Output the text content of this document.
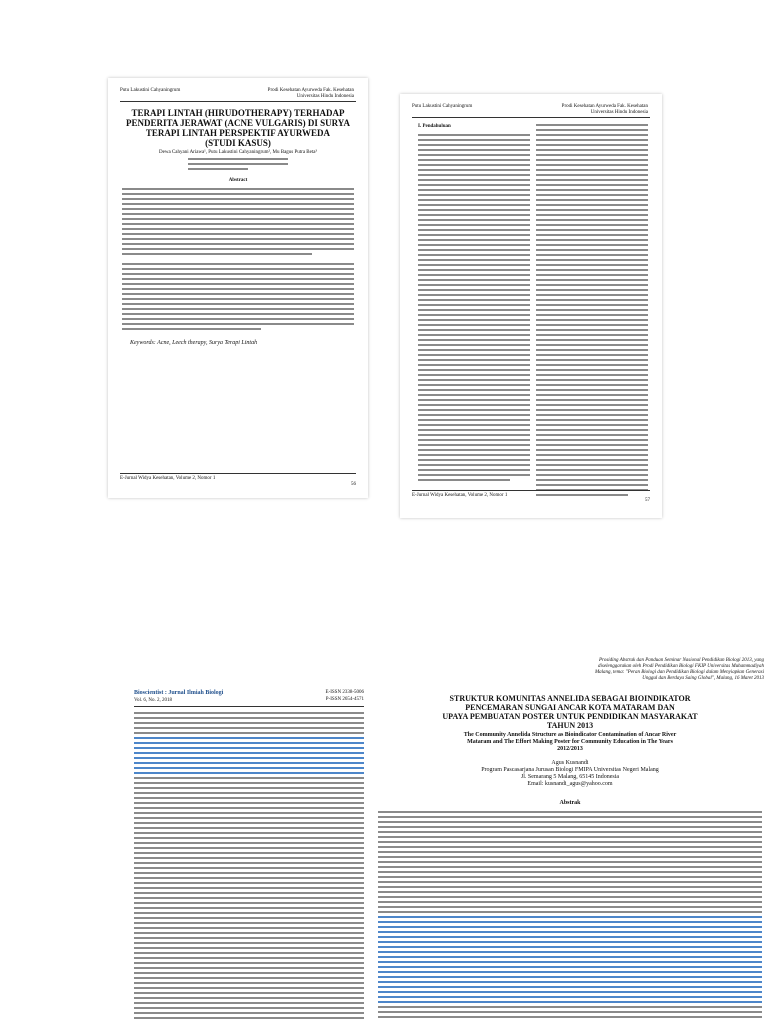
Putu Lakustini Cahyaningrum	Prodi Kesehatan Ayurweda Fak. Kesehatan
Universitas Hindu Indonesia
TERAPI LINTAH (HIRUDOTHERAPY) TERHADAP
PENDERITA JERAWAT (ACNE VULGARIS) DI SURYA
TERAPI LINTAH PERSPEKTIF AYURWEDA
(STUDI KASUS)
Dewa Cahyani Ariawa¹, Putu Lakustini Cahyaningrum², Mu Bagus Putra Beta³
Abstract
Keywords: Acne, Leech therapy, Surya Terapi Lintah
E-Jurnal Widya Kesehatan, Volume 2, Nomor 1
56
Putu Lakustini Cahyaningrum	Prodi Kesehatan Ayurweda Fak. Kesehatan
Universitas Hindu Indonesia
I. Pendahuluan
E-Jurnal Widya Kesehatan, Volume 2, Nomor 1
57
Bioscientist : Jurnal Ilmiah Biologi
Vol. 6, No. 2, 2018
E-ISSN 2338-5006
P-ISSN 2654-4571
Prosiding Abstrak dan Panduan Seminar Nasional Pendidikan Biologi 2013, yang
diselenggarakan oleh Prodi Pendidikan Biologi FKIP Universitas Muhammadiyah
Malang, tema: "Peran Biologi dan Pendidikan Biologi dalam Menyiapkan Generasi
Unggul dan Berdaya Saing Global", Malang, 16 Maret 2013
STRUKTUR KOMUNITAS ANNELIDA SEBAGAI BIOINDIKATOR
PENCEMARAN SUNGAI ANCAR KOTA MATARAM DAN
UPAYA PEMBUATAN POSTER UNTUK PENDIDIKAN MASYARAKAT
TAHUN 2013
The Community Annelida Structure as Bioindicator Contamination of Ancar River
Mataram and The Effort Making Poster for Community Education in The Years
2012/2013
Agus Kusnandi
Program Pascasarjana Jurusan Biologi FMIPA Universitas Negeri Malang
Jl. Semarang 5 Malang, 65145 Indonesia
Email: kusnandi_agus@yahoo.com
Abstrak
